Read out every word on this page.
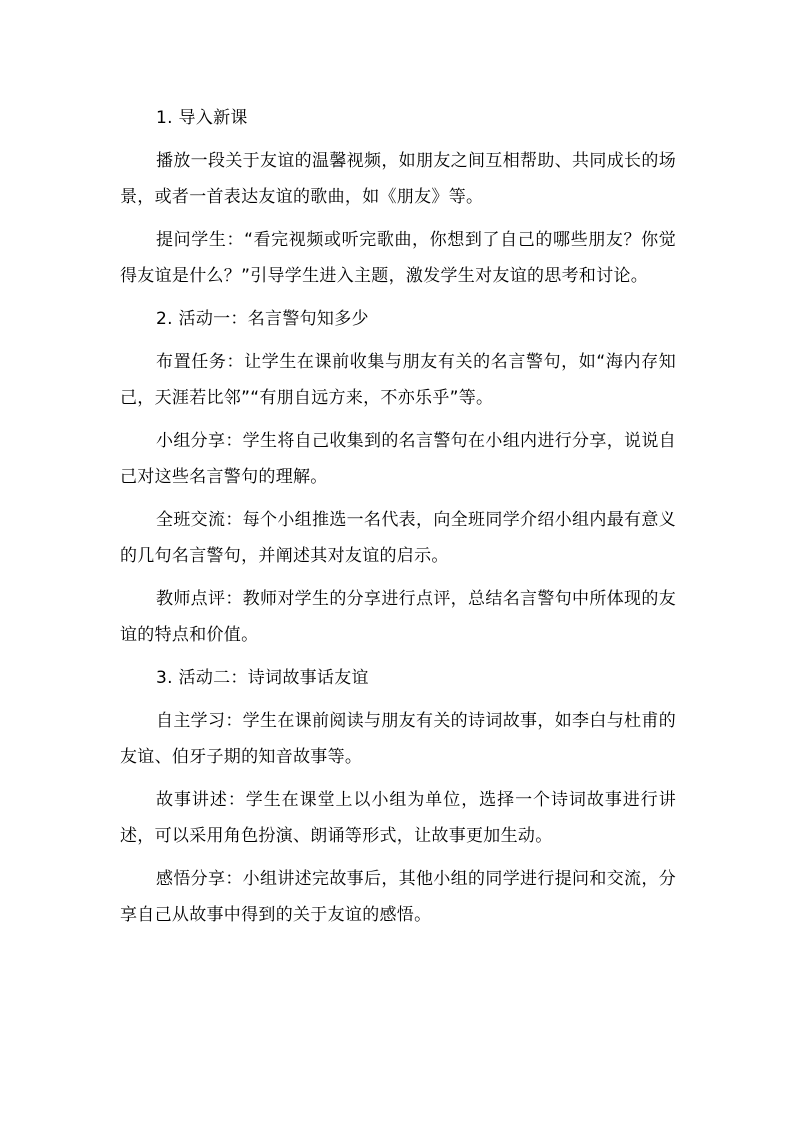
1. 导入新课

播放一段关于友谊的温馨视频，如朋友之间互相帮助、共同成长的场景，或者一首表达友谊的歌曲，如《朋友》等。

提问学生：“看完视频或听完歌曲，你想到了自己的哪些朋友？你觉得友谊是什么？”引导学生进入主题，激发学生对友谊的思考和讨论。

2. 活动一：名言警句知多少

布置任务：让学生在课前收集与朋友有关的名言警句，如“海内存知己，天涯若比邻”“有朋自远方来，不亦乐乎”等。

小组分享：学生将自己收集到的名言警句在小组内进行分享，说说自己对这些名言警句的理解。

全班交流：每个小组推选一名代表，向全班同学介绍小组内最有意义的几句名言警句，并阐述其对友谊的启示。

教师点评：教师对学生的分享进行点评，总结名言警句中所体现的友谊的特点和价值。

3. 活动二：诗词故事话友谊

自主学习：学生在课前阅读与朋友有关的诗词故事，如李白与杜甫的友谊、伯牙子期的知音故事等。

故事讲述：学生在课堂上以小组为单位，选择一个诗词故事进行讲述，可以采用角色扮演、朗诵等形式，让故事更加生动。

感悟分享：小组讲述完故事后，其他小组的同学进行提问和交流，分享自己从故事中得到的关于友谊的感悟。
